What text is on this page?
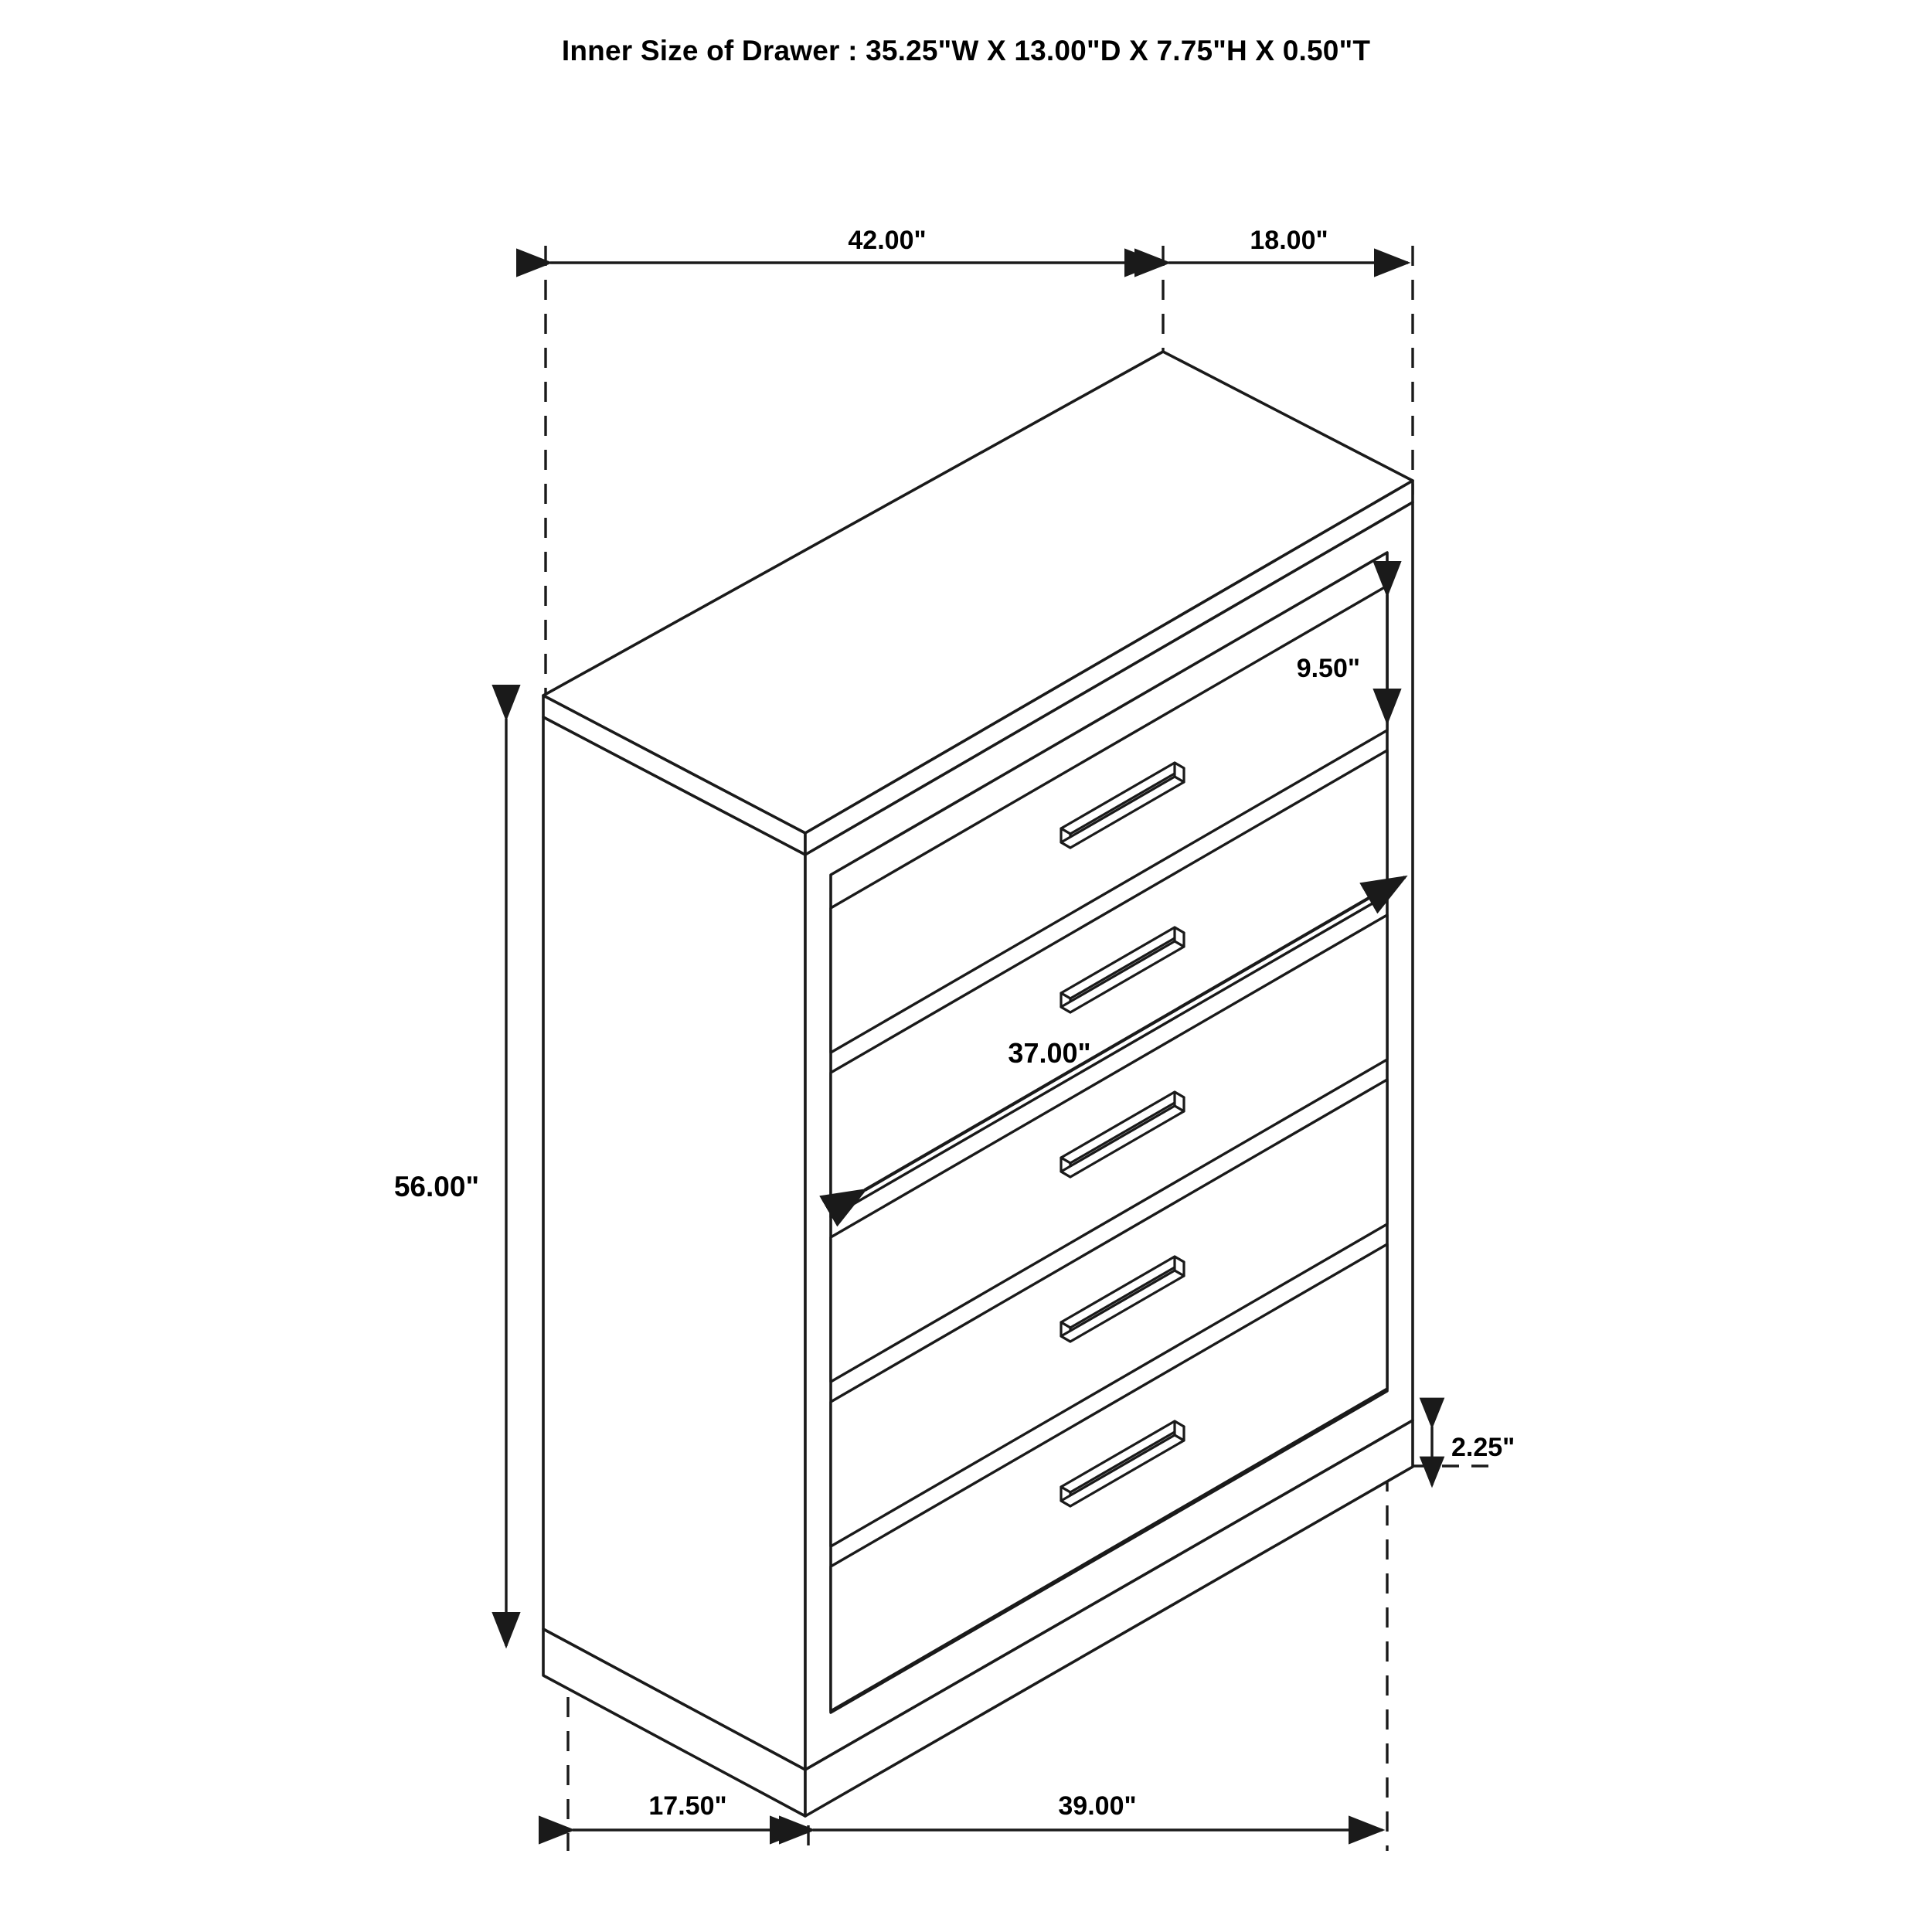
Inner Size of Drawer : 35.25"W X 13.00"D X 7.75"H X 0.50"T
42.00"	18.00"
9.50"
56.00"
37.00"
2.25"
17.50"	39.00"
